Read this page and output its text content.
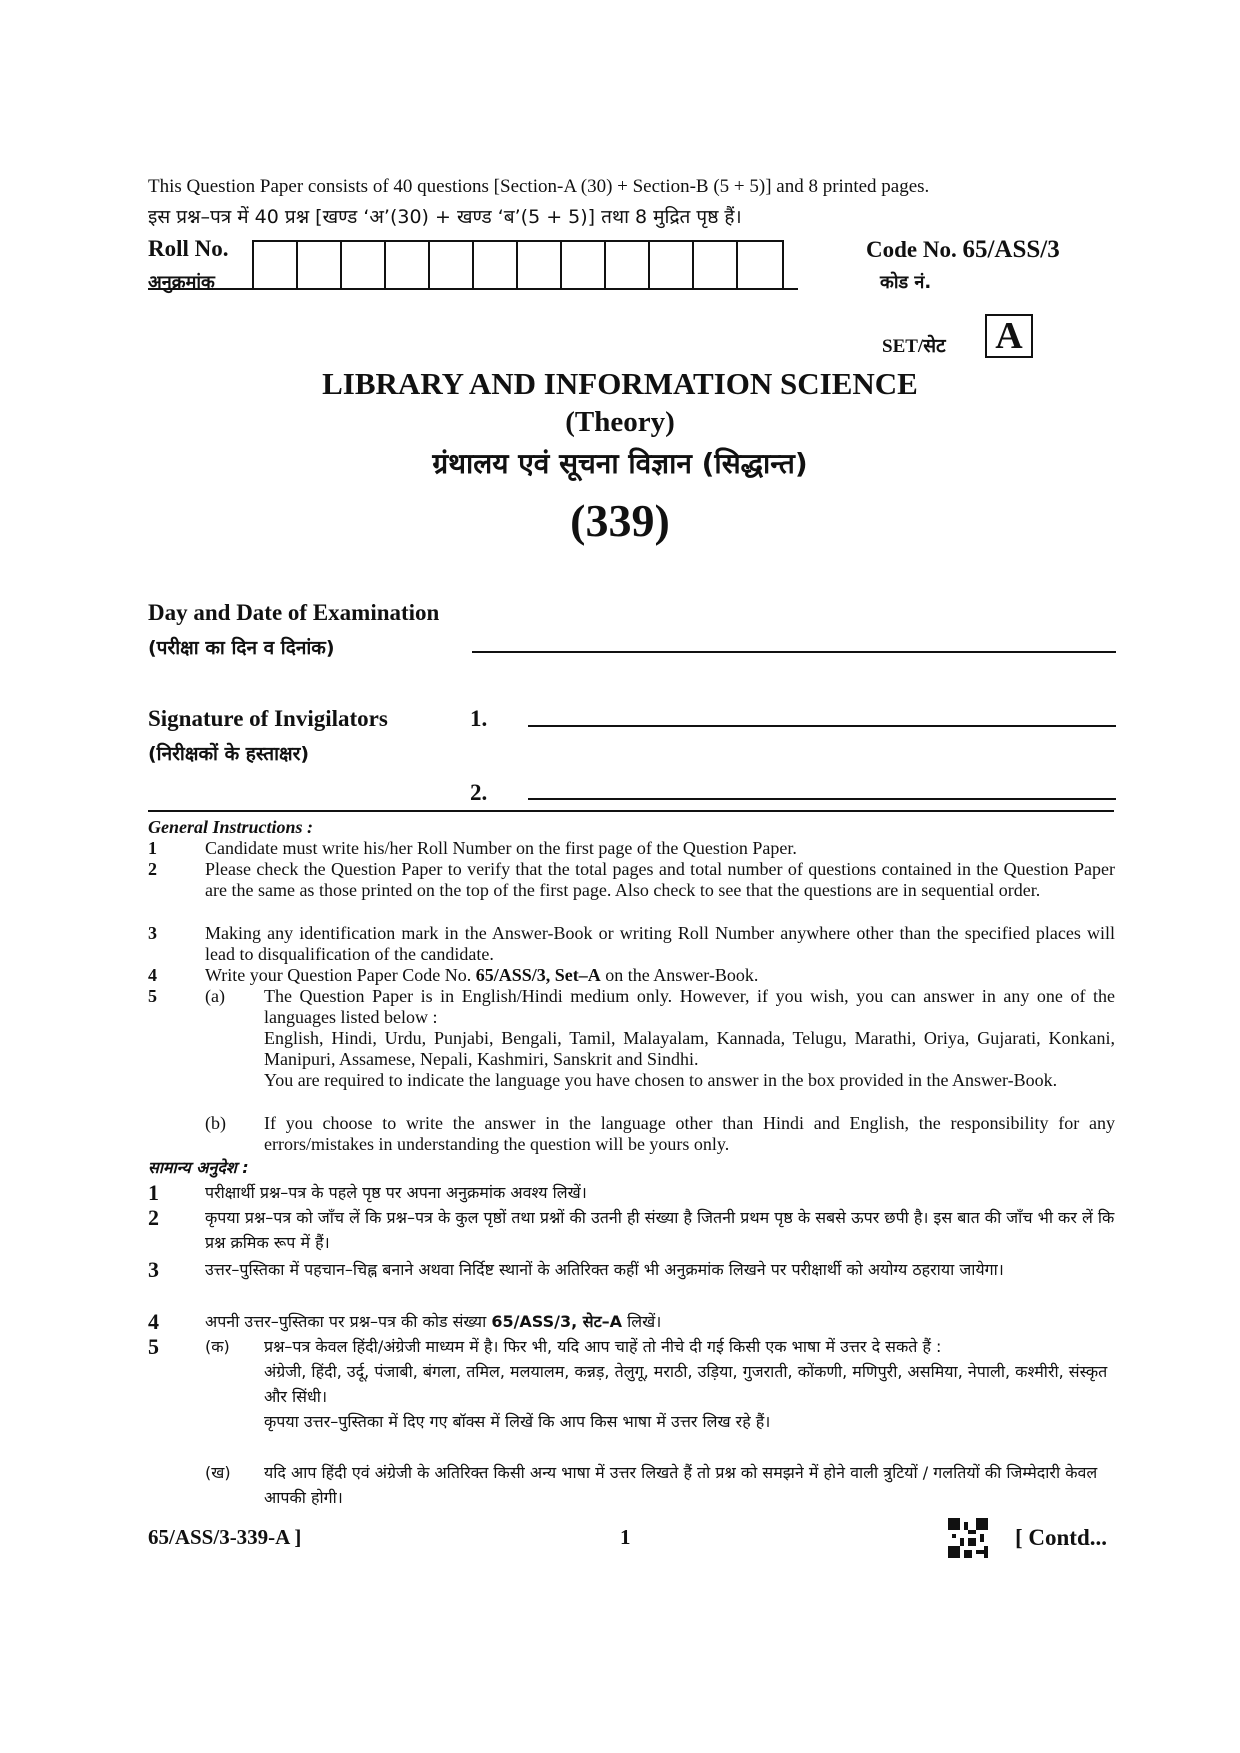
This Question Paper consists of 40 questions [Section-A (30) + Section-B (5 + 5)] and 8 printed pages.
इस प्रश्न–पत्र में 40 प्रश्न [खण्ड ‘अ’(30) + खण्ड ‘ब’(5 + 5)] तथा 8 मुद्रित पृष्ठ हैं।
Roll No.
अनुक्रमांक
Code No. 65/ASS/3
कोड नं.
SET/सेट A
LIBRARY AND INFORMATION SCIENCE
(Theory)
ग्रंथालय एवं सूचना विज्ञान (सिद्धान्त)
(339)
Day and Date of Examination
(परीक्षा का दिन व दिनांक)
Signature of Invigilators
(निरीक्षकों के हस्ताक्षर)
1.
2.
General Instructions :
1	Candidate must write his/her Roll Number on the first page of the Question Paper.
2	Please check the Question Paper to verify that the total pages and total number of questions contained in the Question Paper are the same as those printed on the top of the first page. Also check to see that the questions are in sequential order.
3	Making any identification mark in the Answer-Book or writing Roll Number anywhere other than the specified places will lead to disqualification of the candidate.
4	Write your Question Paper Code No. 65/ASS/3, Set–A on the Answer-Book.
5	(a) The Question Paper is in English/Hindi medium only. However, if you wish, you can answer in any one of the languages listed below :
English, Hindi, Urdu, Punjabi, Bengali, Tamil, Malayalam, Kannada, Telugu, Marathi, Oriya, Gujarati, Konkani, Manipuri, Assamese, Nepali, Kashmiri, Sanskrit and Sindhi.
You are required to indicate the language you have chosen to answer in the box provided in the Answer-Book.
(b) If you choose to write the answer in the language other than Hindi and English, the responsibility for any errors/mistakes in understanding the question will be yours only.
सामान्य अनुदेश :
1	परीक्षार्थी प्रश्न–पत्र के पहले पृष्ठ पर अपना अनुक्रमांक अवश्य लिखें।
2	कृपया प्रश्न–पत्र को जाँच लें कि प्रश्न–पत्र के कुल पृष्ठों तथा प्रश्नों की उतनी ही संख्या है जितनी प्रथम पृष्ठ के सबसे ऊपर छपी है। इस बात की जाँच भी कर लें कि प्रश्न क्रमिक रूप में हैं।
3	उत्तर–पुस्तिका में पहचान–चिह्न बनाने अथवा निर्दिष्ट स्थानों के अतिरिक्त कहीं भी अनुक्रमांक लिखने पर परीक्षार्थी को अयोग्य ठहराया जायेगा।
4	अपनी उत्तर–पुस्तिका पर प्रश्न–पत्र की कोड संख्या 65/ASS/3, सेट–A लिखें।
5	(क) प्रश्न–पत्र केवल हिंदी/अंग्रेजी माध्यम में है। फिर भी, यदि आप चाहें तो नीचे दी गई किसी एक भाषा में उत्तर दे सकते हैं :
अंग्रेजी, हिंदी, उर्दू, पंजाबी, बंगला, तमिल, मलयालम, कन्नड़, तेलुगू, मराठी, उड़िया, गुजराती, कोंकणी, मणिपुरी, असमिया, नेपाली, कश्मीरी, संस्कृत और सिंधी।
कृपया उत्तर–पुस्तिका में दिए गए बॉक्स में लिखें कि आप किस भाषा में उत्तर लिख रहे हैं।
(ख) यदि आप हिंदी एवं अंग्रेजी के अतिरिक्त किसी अन्य भाषा में उत्तर लिखते हैं तो प्रश्न को समझने में होने वाली त्रुटियों / गलतियों की जिम्मेदारी केवल आपकी होगी।
65/ASS/3-339-A ]	1	[ Contd...
